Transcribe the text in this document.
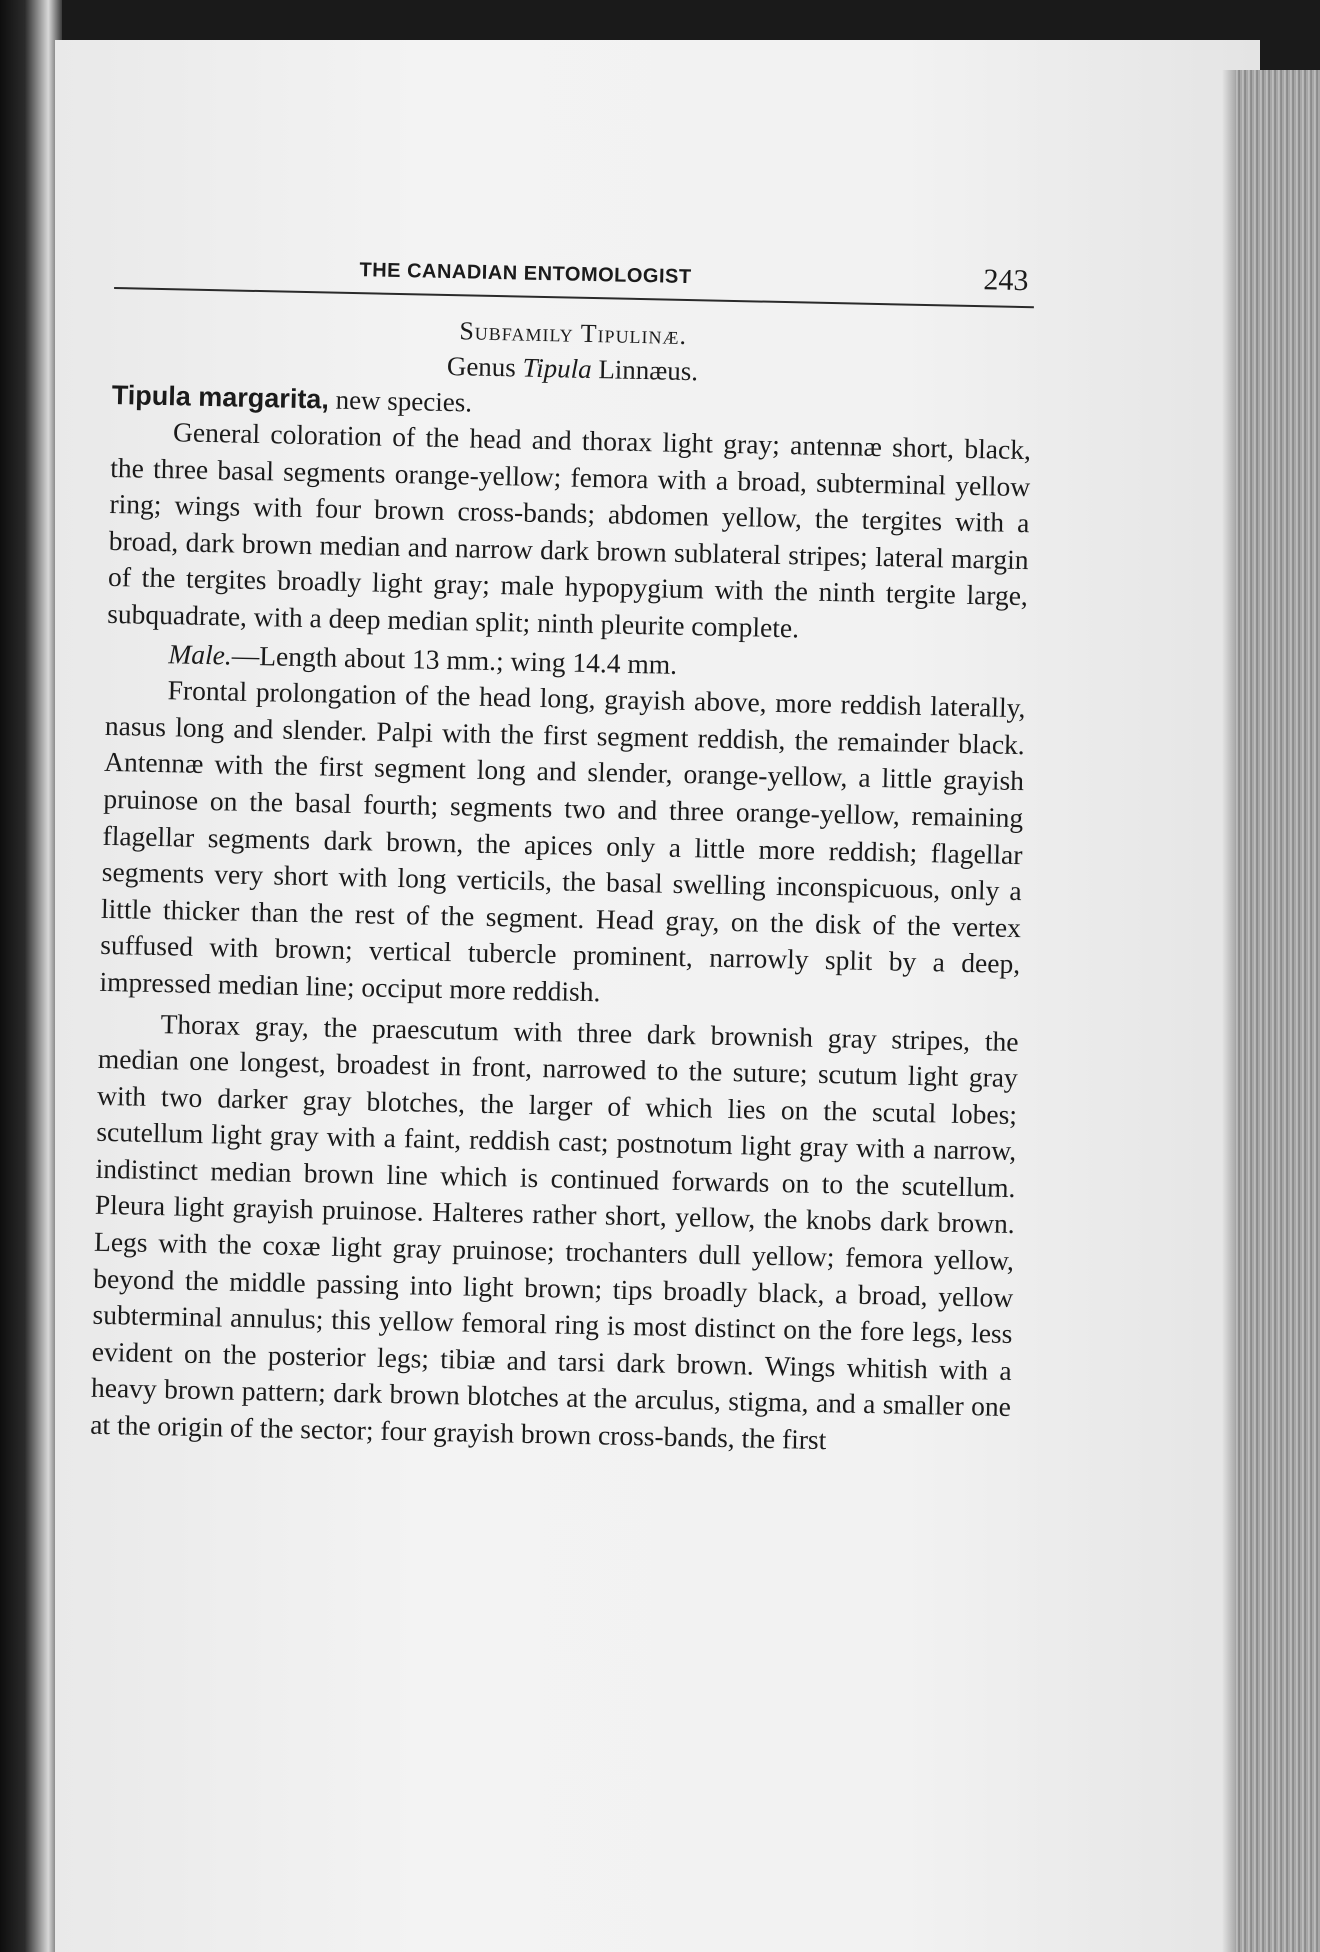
THE CANADIAN ENTOMOLOGIST	243
Subfamily Tipulinæ.
Genus Tipula Linnæus.
Tipula margarita, new species.

General coloration of the head and thorax light gray; antennæ short, black, the three basal segments orange-yellow; femora with a broad, subterminal yellow ring; wings with four brown cross-bands; abdomen yellow, the tergites with a broad, dark brown median and narrow dark brown sublateral stripes; lateral margin of the tergites broadly light gray; male hypopygium with the ninth tergite large, subquadrate, with a deep median split; ninth pleurite complete.

Male.—Length about 13 mm.; wing 14.4 mm.

Frontal prolongation of the head long, grayish above, more reddish laterally, nasus long and slender. Palpi with the first segment reddish, the remainder black. Antennæ with the first segment long and slender, orange-yellow, a little grayish pruinose on the basal fourth; segments two and three orange-yellow, remaining flagellar segments dark brown, the apices only a little more reddish; flagellar segments very short with long verticils, the basal swelling inconspicuous, only a little thicker than the rest of the segment. Head gray, on the disk of the vertex suffused with brown; vertical tubercle prominent, narrowly split by a deep, impressed median line; occiput more reddish.

Thorax gray, the praescutum with three dark brownish gray stripes, the median one longest, broadest in front, narrowed to the suture; scutum light gray with two darker gray blotches, the larger of which lies on the scutal lobes; scutellum light gray with a faint, reddish cast; postnotum light gray with a narrow, indistinct median brown line which is continued forwards on to the scutellum. Pleura light grayish pruinose. Halteres rather short, yellow, the knobs dark brown. Legs with the coxæ light gray pruinose; trochanters dull yellow; femora yellow, beyond the middle passing into light brown; tips broadly black, a broad, yellow subterminal annulus; this yellow femoral ring is most distinct on the fore legs, less evident on the posterior legs; tibiæ and tarsi dark brown. Wings whitish with a heavy brown pattern; dark brown blotches at the arculus, stigma, and a smaller one at the origin of the sector; four grayish brown cross-bands, the first
